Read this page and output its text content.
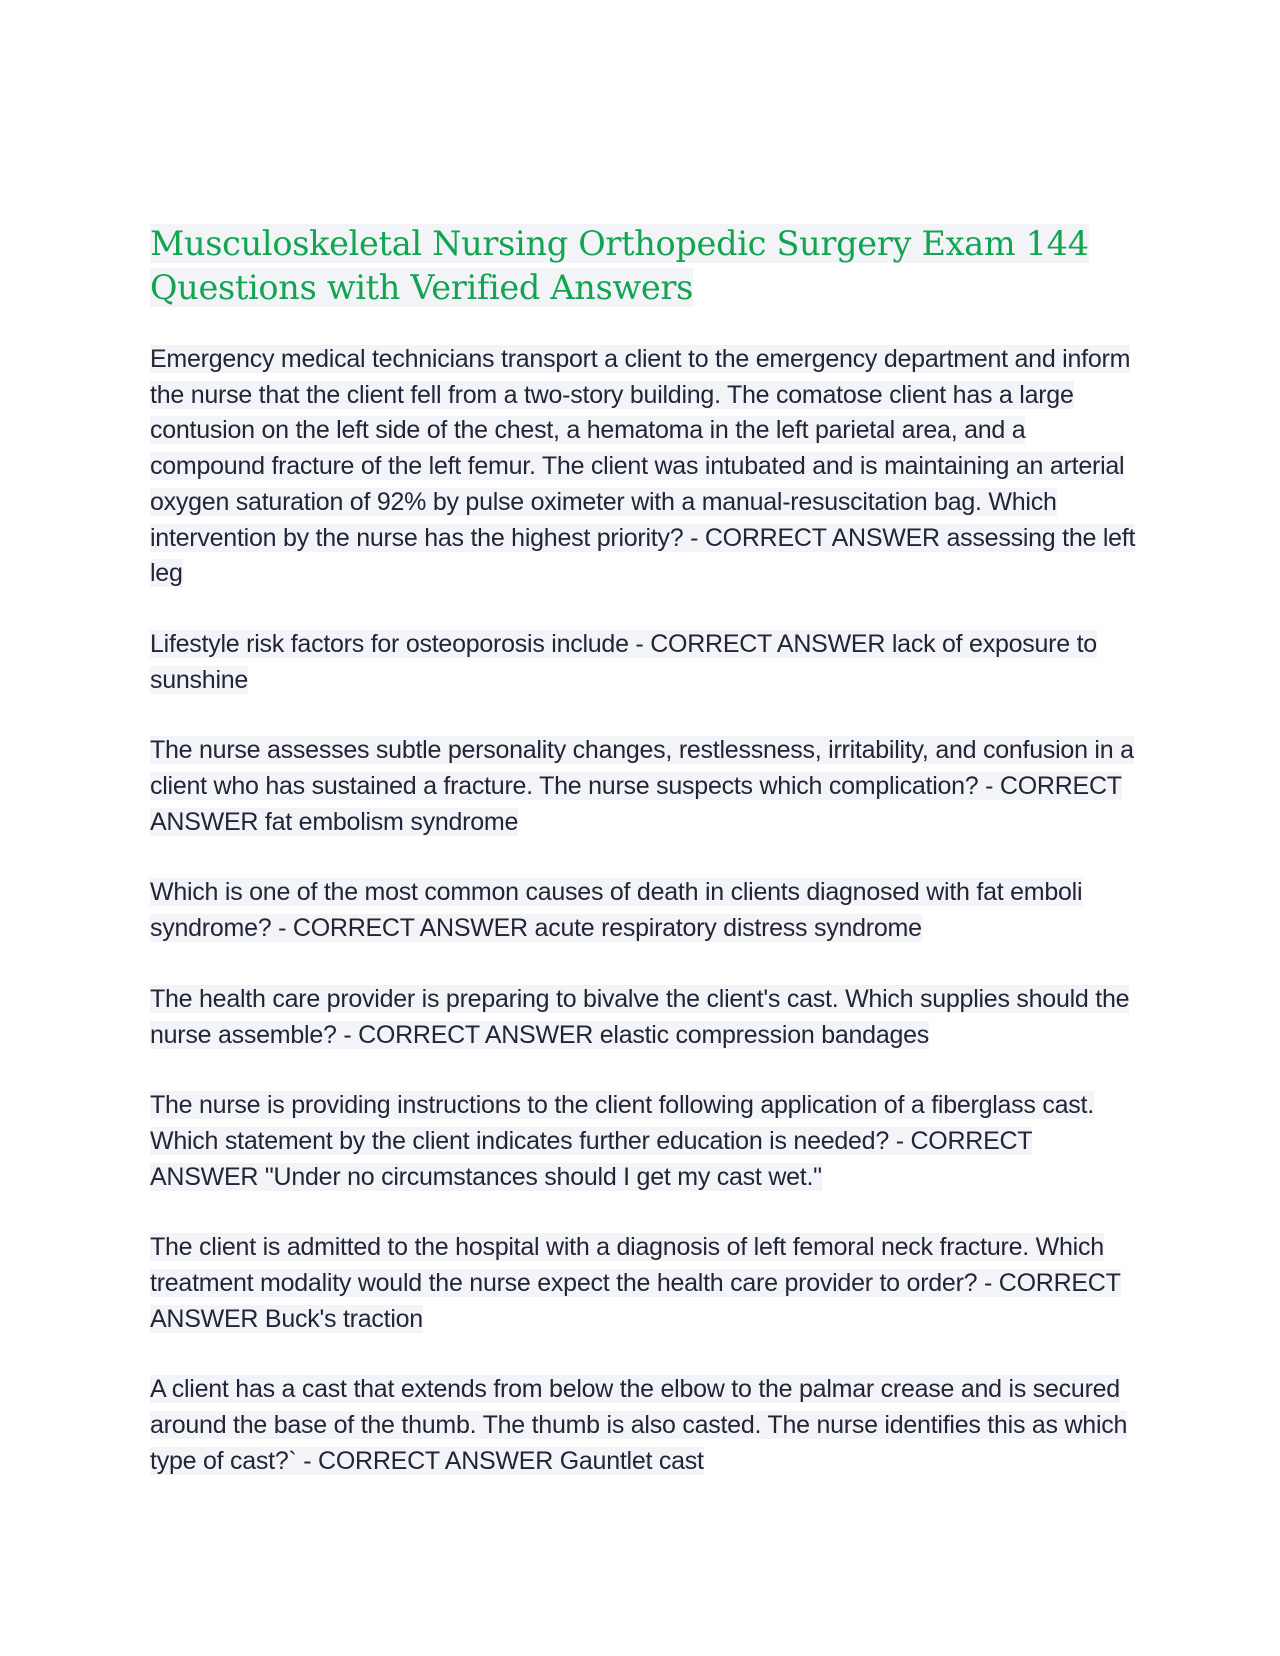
Musculoskeletal Nursing Orthopedic Surgery Exam 144 Questions with Verified Answers
Emergency medical technicians transport a client to the emergency department and inform the nurse that the client fell from a two-story building. The comatose client has a large contusion on the left side of the chest, a hematoma in the left parietal area, and a compound fracture of the left femur. The client was intubated and is maintaining an arterial oxygen saturation of 92% by pulse oximeter with a manual-resuscitation bag. Which intervention by the nurse has the highest priority? - CORRECT ANSWER assessing the left leg
Lifestyle risk factors for osteoporosis include - CORRECT ANSWER lack of exposure to sunshine
The nurse assesses subtle personality changes, restlessness, irritability, and confusion in a client who has sustained a fracture. The nurse suspects which complication? - CORRECT ANSWER fat embolism syndrome
Which is one of the most common causes of death in clients diagnosed with fat emboli syndrome? - CORRECT ANSWER acute respiratory distress syndrome
The health care provider is preparing to bivalve the client's cast. Which supplies should the nurse assemble? - CORRECT ANSWER elastic compression bandages
The nurse is providing instructions to the client following application of a fiberglass cast. Which statement by the client indicates further education is needed? - CORRECT ANSWER "Under no circumstances should I get my cast wet."
The client is admitted to the hospital with a diagnosis of left femoral neck fracture. Which treatment modality would the nurse expect the health care provider to order? - CORRECT ANSWER Buck's traction
A client has a cast that extends from below the elbow to the palmar crease and is secured around the base of the thumb. The thumb is also casted. The nurse identifies this as which type of cast?` - CORRECT ANSWER Gauntlet cast
